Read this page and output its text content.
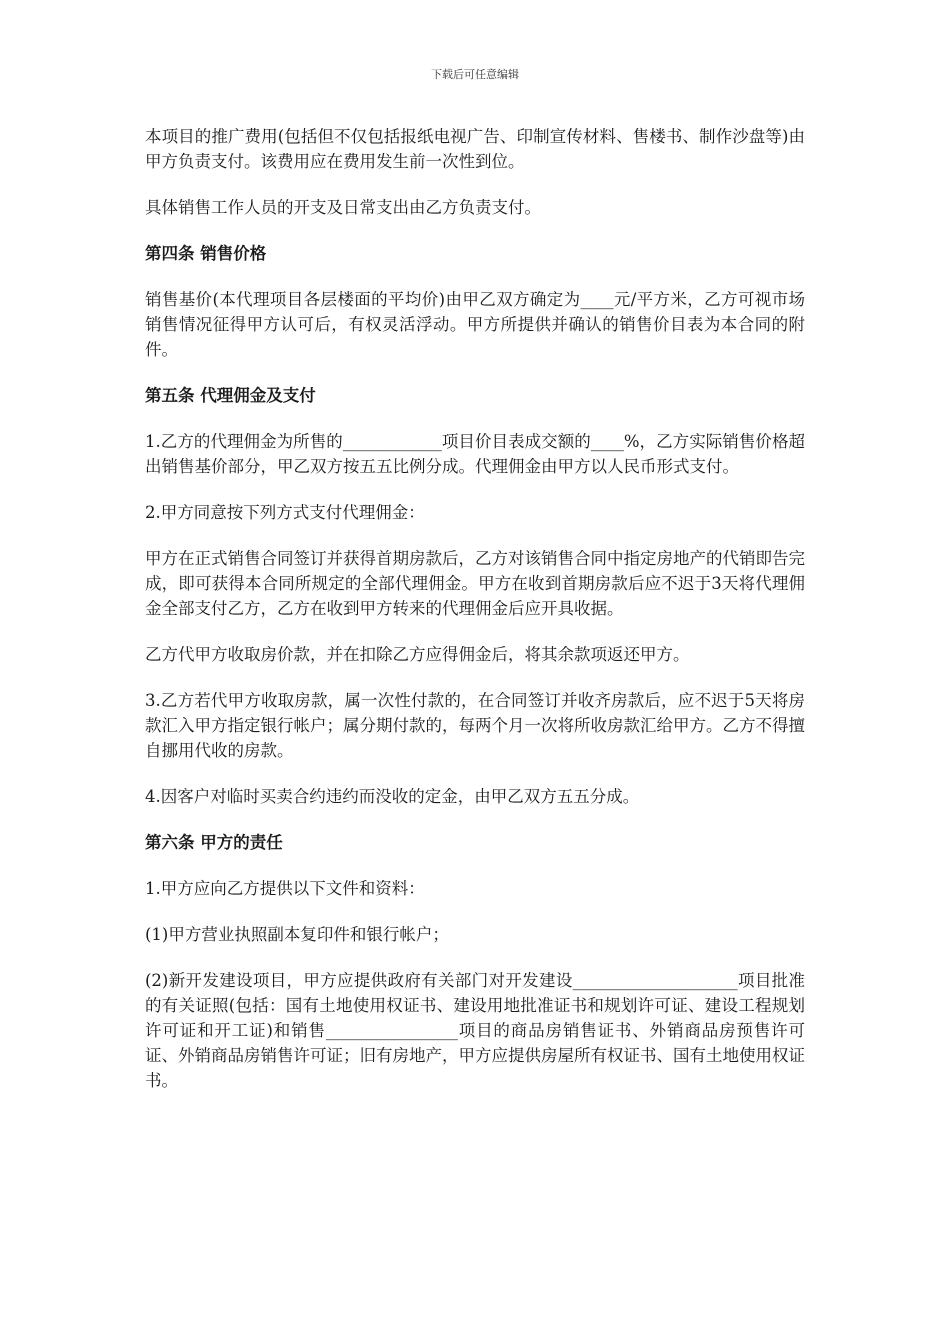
下载后可任意编辑

本项目的推广费用(包括但不仅包括报纸电视广告、印制宣传材料、售楼书、制作沙盘等)由甲方负责支付。该费用应在费用发生前一次性到位。

具体销售工作人员的开支及日常支出由乙方负责支付。

第四条 销售价格

销售基价(本代理项目各层楼面的平均价)由甲乙双方确定为____元/平方米，乙方可视市场销售情况征得甲方认可后，有权灵活浮动。甲方所提供并确认的销售价目表为本合同的附件。

第五条 代理佣金及支付

1.乙方的代理佣金为所售的____________项目价目表成交额的____%，乙方实际销售价格超出销售基价部分，甲乙双方按五五比例分成。代理佣金由甲方以人民币形式支付。

2.甲方同意按下列方式支付代理佣金：

甲方在正式销售合同签订并获得首期房款后，乙方对该销售合同中指定房地产的代销即告完成，即可获得本合同所规定的全部代理佣金。甲方在收到首期房款后应不迟于3天将代理佣金全部支付乙方，乙方在收到甲方转来的代理佣金后应开具收据。

乙方代甲方收取房价款，并在扣除乙方应得佣金后，将其余款项返还甲方。

3.乙方若代甲方收取房款，属一次性付款的，在合同签订并收齐房款后，应不迟于5天将房款汇入甲方指定银行帐户；属分期付款的，每两个月一次将所收房款汇给甲方。乙方不得擅自挪用代收的房款。

4.因客户对临时买卖合约违约而没收的定金，由甲乙双方五五分成。

第六条 甲方的责任

1.甲方应向乙方提供以下文件和资料：

(1)甲方营业执照副本复印件和银行帐户；

(2)新开发建设项目，甲方应提供政府有关部门对开发建设____________________项目批准的有关证照(包括：国有土地使用权证书、建设用地批准证书和规划许可证、建设工程规划许可证和开工证)和销售________________项目的商品房销售证书、外销商品房预售许可证、外销商品房销售许可证；旧有房地产，甲方应提供房屋所有权证书、国有土地使用权证书。
